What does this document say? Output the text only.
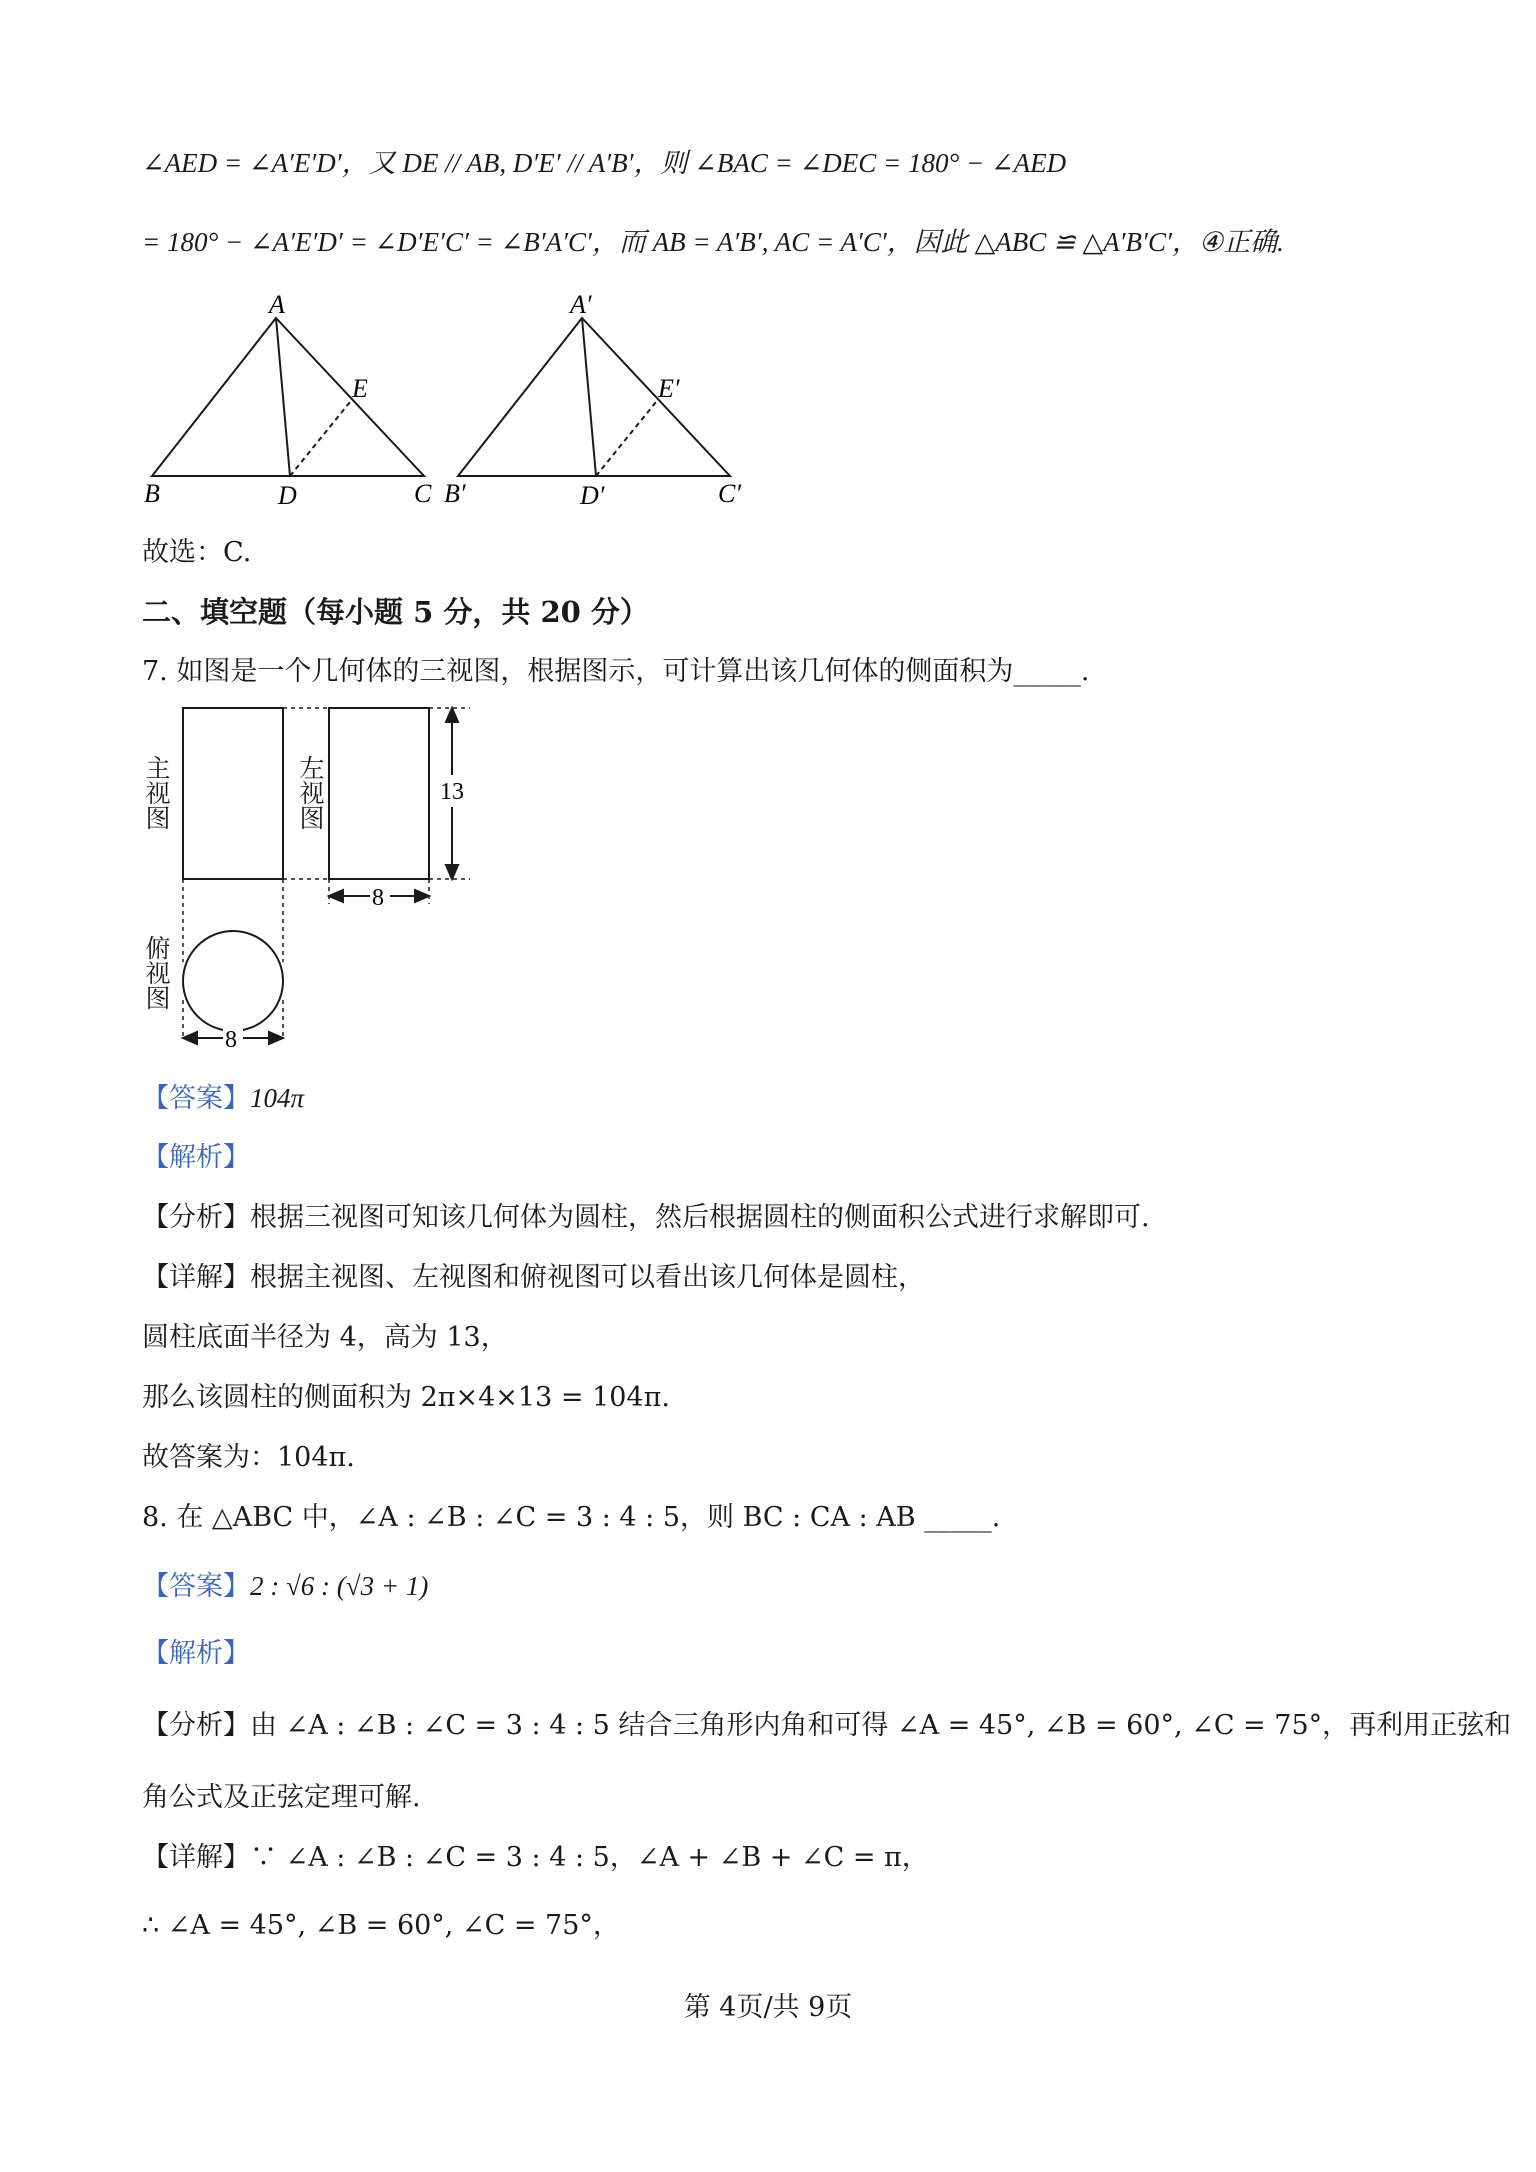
∠AED = ∠A′E′D′，又 DE // AB, D′E′ // A′B′，则 ∠BAC = ∠DEC = 180° − ∠AED
= 180° − ∠A′E′D′ = ∠D′E′C′ = ∠B′A′C′，而 AB = A′B′, AC = A′C′，因此 △ABC ≌ △A′B′C′，④正确.
A
B	C
D
E
A′
B′	C′
D′
E′
故选：C.
二、填空题（每小题 5 分，共 20 分）
7. 如图是一个几何体的三视图，根据图示，可计算出该几何体的侧面积为_____.
13
8
8
主视图	左视图
俯视图
【答案】104π
【解析】
【分析】根据三视图可知该几何体为圆柱，然后根据圆柱的侧面积公式进行求解即可.
【详解】根据主视图、左视图和俯视图可以看出该几何体是圆柱，
圆柱底面半径为 4，高为 13，
那么该圆柱的侧面积为 2π×4×13 = 104π.
故答案为：104π.
8. 在 △ABC 中，∠A : ∠B : ∠C = 3 : 4 : 5，则 BC : CA : AB _____.
【答案】2 : √6 : (√3 + 1)
【解析】
【分析】由 ∠A : ∠B : ∠C = 3 : 4 : 5 结合三角形内角和可得 ∠A = 45°, ∠B = 60°, ∠C = 75°，再利用正弦和
角公式及正弦定理可解.
【详解】∵ ∠A : ∠B : ∠C = 3 : 4 : 5，∠A + ∠B + ∠C = π，
∴ ∠A = 45°, ∠B = 60°, ∠C = 75°，
第 4页/共 9页
